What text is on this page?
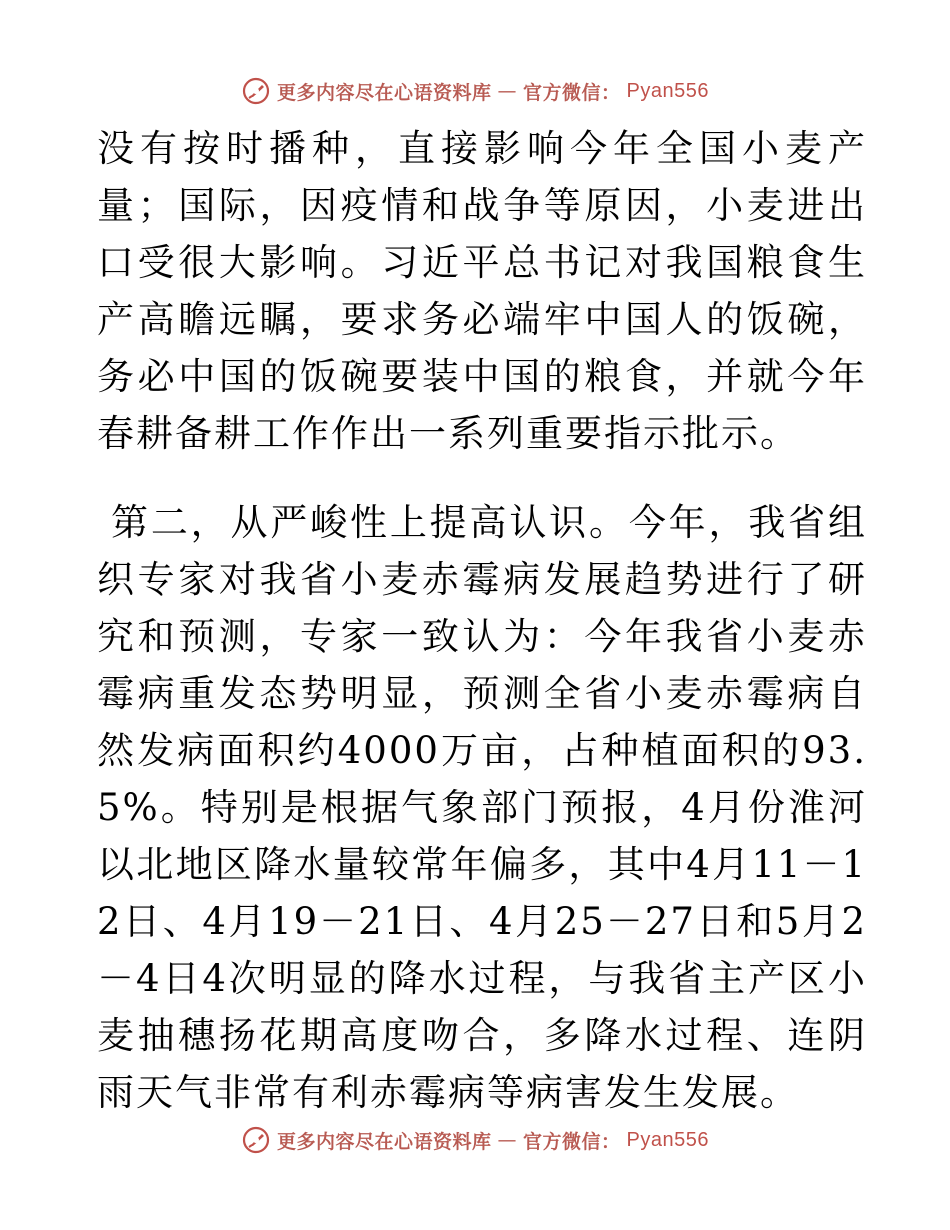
更多内容尽在心语资料库 — 官方微信： Pyan556

没有按时播种，直接影响今年全国小麦产量；国际，因疫情和战争等原因，小麦进出口受很大影响。习近平总书记对我国粮食生产高瞻远瞩，要求务必端牢中国人的饭碗，务必中国的饭碗要装中国的粮食，并就今年春耕备耕工作作出一系列重要指示批示。

第二，从严峻性上提高认识。今年，我省组织专家对我省小麦赤霉病发展趋势进行了研究和预测，专家一致认为：今年我省小麦赤霉病重发态势明显，预测全省小麦赤霉病自然发病面积约4000万亩，占种植面积的93.5%。特别是根据气象部门预报，4月份淮河以北地区降水量较常年偏多，其中4月11－12日、4月19－21日、4月25－27日和5月2－4日4次明显的降水过程，与我省主产区小麦抽穗扬花期高度吻合，多降水过程、连阴雨天气非常有利赤霉病等病害发生发展。

更多内容尽在心语资料库 — 官方微信： Pyan556
